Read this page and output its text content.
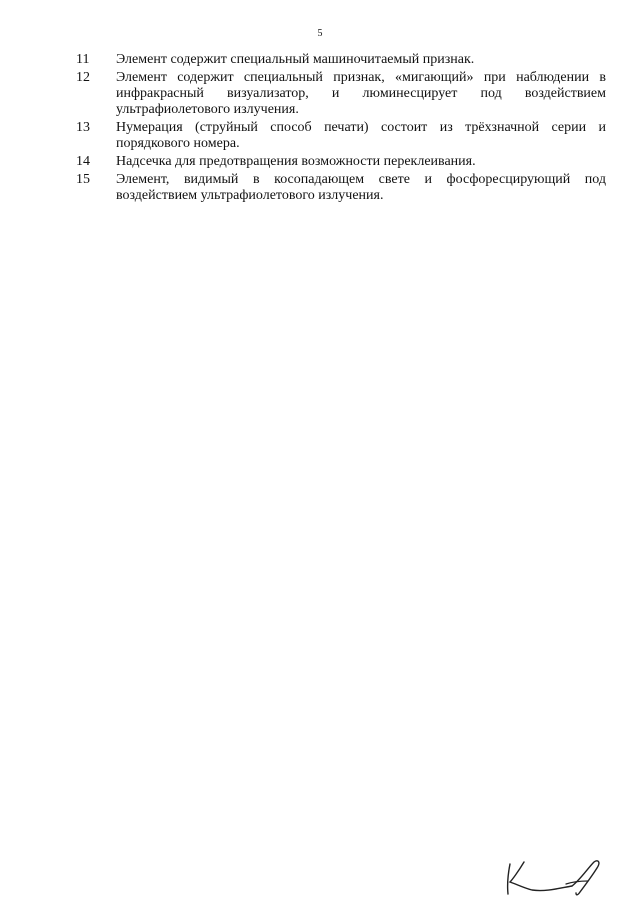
5
11	Элемент содержит специальный машиночитаемый признак.
12	Элемент содержит специальный признак, «мигающий» при наблюдении в инфракрасный визуализатор, и люминесцирует под воздействием ультрафиолетового излучения.
13	Нумерация (струйный способ печати) состоит из трёхзначной серии и порядкового номера.
14	Надсечка для предотвращения возможности переклеивания.
15	Элемент, видимый в косопадающем свете и фосфоресцирующий под воздействием ультрафиолетового излучения.
